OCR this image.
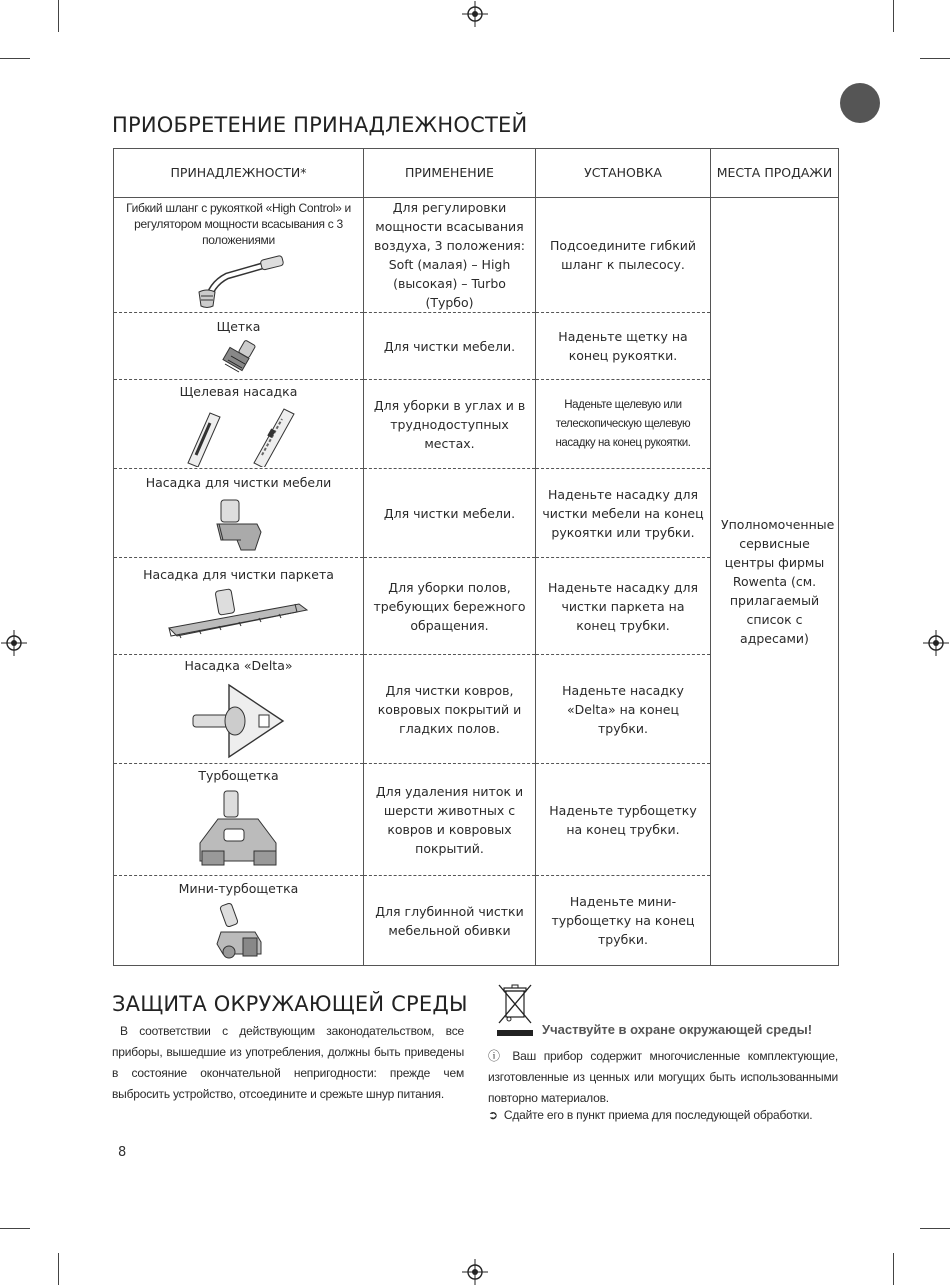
ПРИОБРЕТЕНИЕ ПРИНАДЛЕЖНОСТЕЙ
ПРИНАДЛЕЖНОСТИ*	ПРИМЕНЕНИЕ	УСТАНОВКА	МЕСТА ПРОДАЖИ

Гибкий шланг с рукояткой «High Control» и регулятором мощности всасывания с 3 положениями	Для регулировки мощности всасывания воздуха, 3 положения: Soft (малая) – High (высокая) – Turbo (Турбо)	Подсоедините гибкий шланг к пылесосу.	Уполномоченные сервисные центры фирмы Rowenta (см. прилагаемый список с адресами)

Щетка	Для чистки мебели.	Наденьте щетку на конец рукоятки.	

Щелевая насадка	Для уборки в углах и в труднодоступных местах.	Наденьте щелевую или телескопическую щелевую насадку на конец рукоятки.	

Насадка для чистки мебели	Для чистки мебели.	Наденьте насадку для чистки мебели на конец рукоятки или трубки.	

Насадка для чистки паркета	Для уборки полов, требующих бережного обращения.	Наденьте насадку для чистки паркета на конец трубки.	

Насадка «Delta»	Для чистки ковров, ковровых покрытий и гладких полов.	Наденьте насадку «Delta» на конец трубки.	

Турбощетка	Для удаления ниток и шерсти животных с ковров и ковровых покрытий.	Наденьте турбощетку на конец трубки.	

Мини-турбощетка	Для глубинной чистки мебельной обивки	Наденьте мини-турбощетку на конец трубки.	
ЗАЩИТА ОКРУЖАЮЩЕЙ СРЕДЫ
В соответствии с действующим законодательством, все приборы, вышедшие из употребления, должны быть приведены в состояние окончательной непригодности: прежде чем выбросить устройство, отсоедините и срежьте шнур питания.
Участвуйте в охране окружающей среды!
ⓘ Ваш прибор содержит многочисленные комплектующие, изготовленные из ценных или могущих быть использованными повторно материалов.
➲ Сдайте его в пункт приема для последующей обработки.
8
